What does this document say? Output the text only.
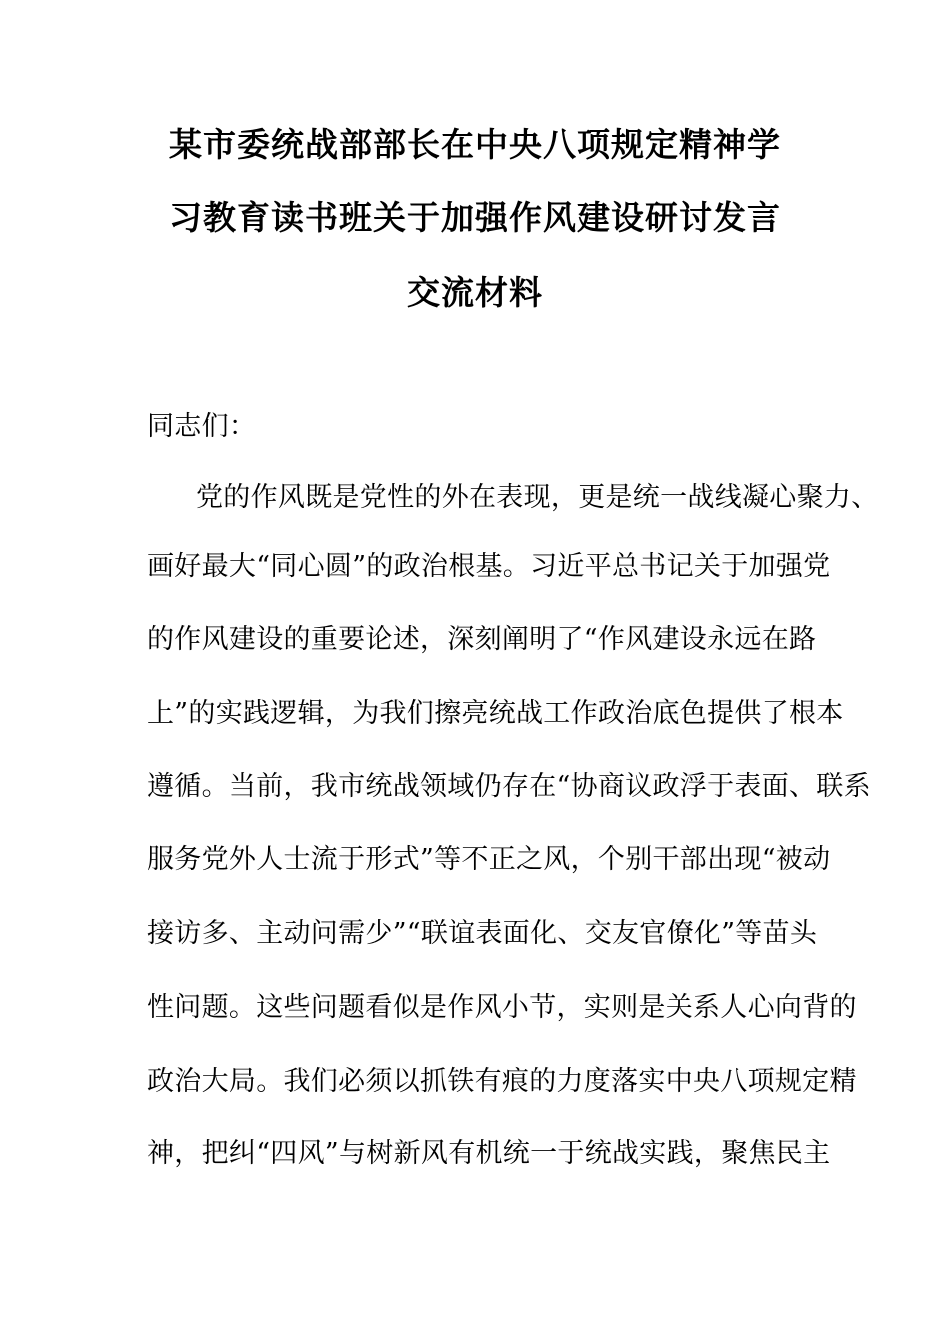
某市委统战部部长在中央八项规定精神学
习教育读书班关于加强作风建设研讨发言
交流材料
同志们：
党的作风既是党性的外在表现，更是统一战线凝心聚力、
画好最大“同心圆”的政治根基。习近平总书记关于加强党
的作风建设的重要论述，深刻阐明了“作风建设永远在路
上”的实践逻辑，为我们擦亮统战工作政治底色提供了根本
遵循。当前，我市统战领域仍存在“协商议政浮于表面、联系
服务党外人士流于形式”等不正之风，个别干部出现“被动
接访多、主动问需少”“联谊表面化、交友官僚化”等苗头
性问题。这些问题看似是作风小节，实则是关系人心向背的
政治大局。我们必须以抓铁有痕的力度落实中央八项规定精
神，把纠“四风”与树新风有机统一于统战实践，聚焦民主
